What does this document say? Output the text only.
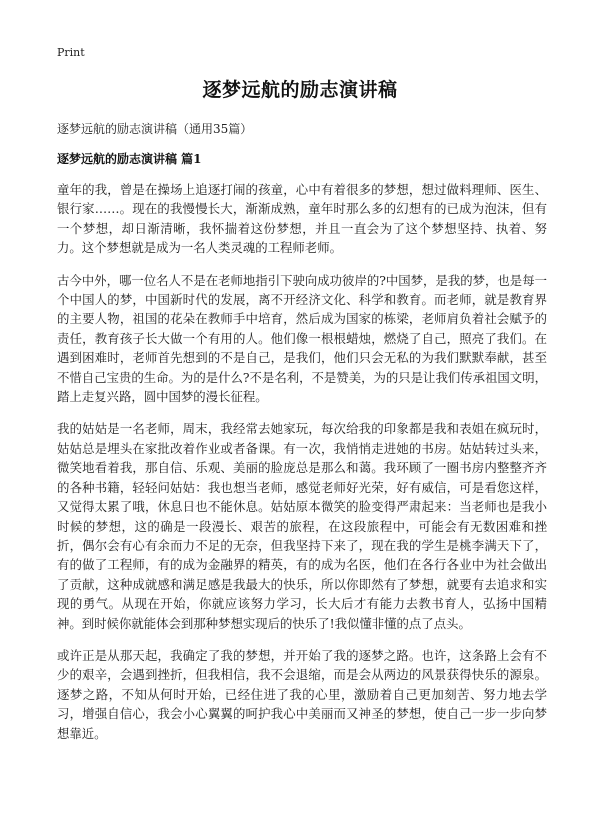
Print
逐梦远航的励志演讲稿
逐梦远航的励志演讲稿（通用35篇）
逐梦远航的励志演讲稿 篇1

童年的我，曾是在操场上追逐打闹的孩童，心中有着很多的梦想，想过做料理师、医生、银行家……。现在的我慢慢长大，渐渐成熟，童年时那么多的幻想有的已成为泡沫，但有一个梦想，却日渐清晰，我怀揣着这份梦想，并且一直会为了这个梦想坚持、执着、努力。这个梦想就是成为一名人类灵魂的工程师老师。

古今中外，哪一位名人不是在老师地指引下驶向成功彼岸的?中国梦，是我的梦，也是每一个中国人的梦，中国新时代的发展，离不开经济文化、科学和教育。而老师，就是教育界的主要人物，祖国的花朵在教师手中培育，然后成为国家的栋梁，老师肩负着社会赋予的责任，教育孩子长大做一个有用的人。他们像一根根蜡烛，燃烧了自己，照亮了我们。在遇到困难时，老师首先想到的不是自己，是我们，他们只会无私的为我们默默奉献，甚至不惜自己宝贵的生命。为的是什么?不是名利，不是赞美，为的只是让我们传承祖国文明，踏上走复兴路，圆中国梦的漫长征程。

我的姑姑是一名老师，周末，我经常去她家玩，每次给我的印象都是我和表姐在疯玩时，姑姑总是埋头在家批改着作业或者备课。有一次，我悄悄走进她的书房。姑姑转过头来，微笑地看着我，那自信、乐观、美丽的脸庞总是那么和蔼。我环顾了一圈书房内整整齐齐的各种书籍，轻轻问姑姑：我也想当老师，感觉老师好光荣，好有威信，可是看您这样，又觉得太累了哦，休息日也不能休息。姑姑原本微笑的脸变得严肃起来：当老师也是我小时候的梦想，这的确是一段漫长、艰苦的旅程，在这段旅程中，可能会有无数困难和挫折，偶尔会有心有余而力不足的无奈，但我坚持下来了，现在我的学生是桃李满天下了，有的做了工程师，有的成为金融界的精英，有的成为名医，他们在各行各业中为社会做出了贡献，这种成就感和满足感是我最大的快乐，所以你即然有了梦想，就要有去追求和实现的勇气。从现在开始，你就应该努力学习，长大后才有能力去教书育人，弘扬中国精神。到时候你就能体会到那种梦想实现后的快乐了!我似懂非懂的点了点头。

或许正是从那天起，我确定了我的梦想，并开始了我的逐梦之路。也许，这条路上会有不少的艰辛，会遇到挫折，但我相信，我不会退缩，而是会从两边的风景获得快乐的源泉。逐梦之路，不知从何时开始，已经住进了我的心里，激励着自己更加刻苦、努力地去学习，增强自信心，我会小心翼翼的呵护我心中美丽而又神圣的梦想，使自己一步一步向梦想靠近。
